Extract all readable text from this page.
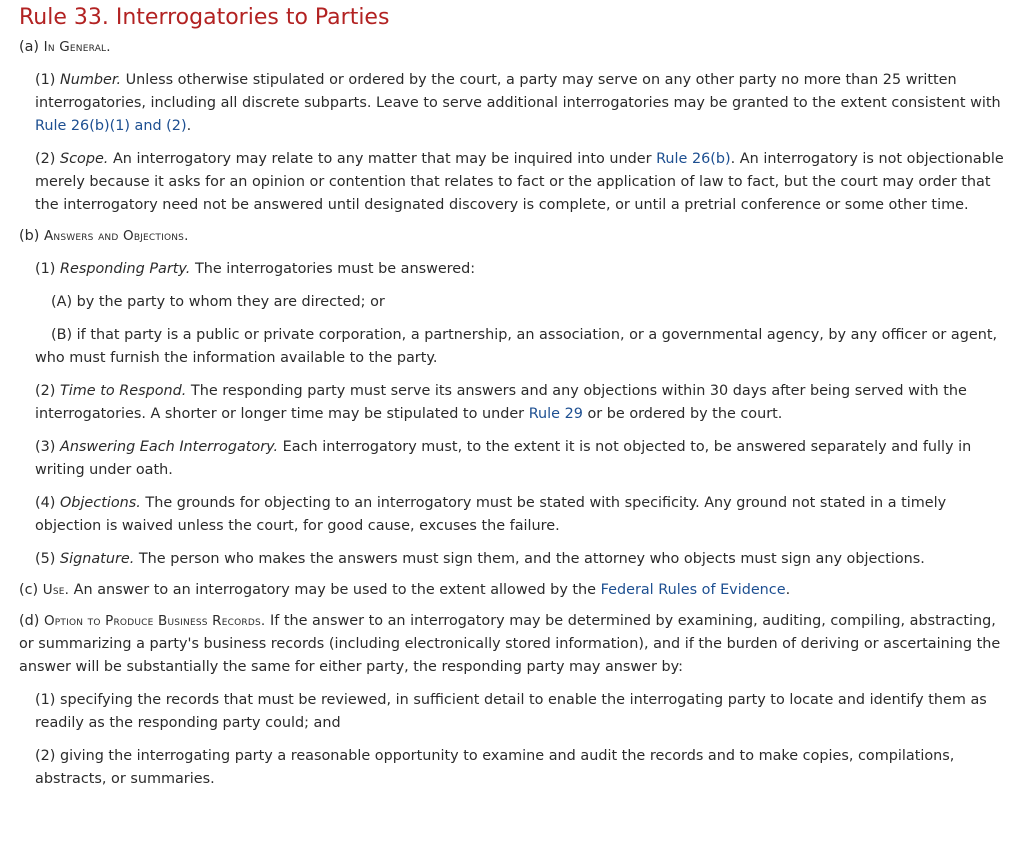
Rule 33. Interrogatories to Parties

(a) In General.

(1) Number. Unless otherwise stipulated or ordered by the court, a party may serve on any other party no more than 25 written interrogatories, including all discrete subparts. Leave to serve additional interrogatories may be granted to the extent consistent with Rule 26(b)(1) and (2).

(2) Scope. An interrogatory may relate to any matter that may be inquired into under Rule 26(b). An interrogatory is not objectionable merely because it asks for an opinion or contention that relates to fact or the application of law to fact, but the court may order that the interrogatory need not be answered until designated discovery is complete, or until a pretrial conference or some other time.

(b) Answers and Objections.

(1) Responding Party. The interrogatories must be answered:

(A) by the party to whom they are directed; or

(B) if that party is a public or private corporation, a partnership, an association, or a governmental agency, by any officer or agent, who must furnish the information available to the party.

(2) Time to Respond. The responding party must serve its answers and any objections within 30 days after being served with the interrogatories. A shorter or longer time may be stipulated to under Rule 29 or be ordered by the court.

(3) Answering Each Interrogatory. Each interrogatory must, to the extent it is not objected to, be answered separately and fully in writing under oath.

(4) Objections. The grounds for objecting to an interrogatory must be stated with specificity. Any ground not stated in a timely objection is waived unless the court, for good cause, excuses the failure.

(5) Signature. The person who makes the answers must sign them, and the attorney who objects must sign any objections.

(c) Use. An answer to an interrogatory may be used to the extent allowed by the Federal Rules of Evidence.

(d) Option to Produce Business Records. If the answer to an interrogatory may be determined by examining, auditing, compiling, abstracting, or summarizing a party's business records (including electronically stored information), and if the burden of deriving or ascertaining the answer will be substantially the same for either party, the responding party may answer by:

(1) specifying the records that must be reviewed, in sufficient detail to enable the interrogating party to locate and identify them as readily as the responding party could; and

(2) giving the interrogating party a reasonable opportunity to examine and audit the records and to make copies, compilations, abstracts, or summaries.
